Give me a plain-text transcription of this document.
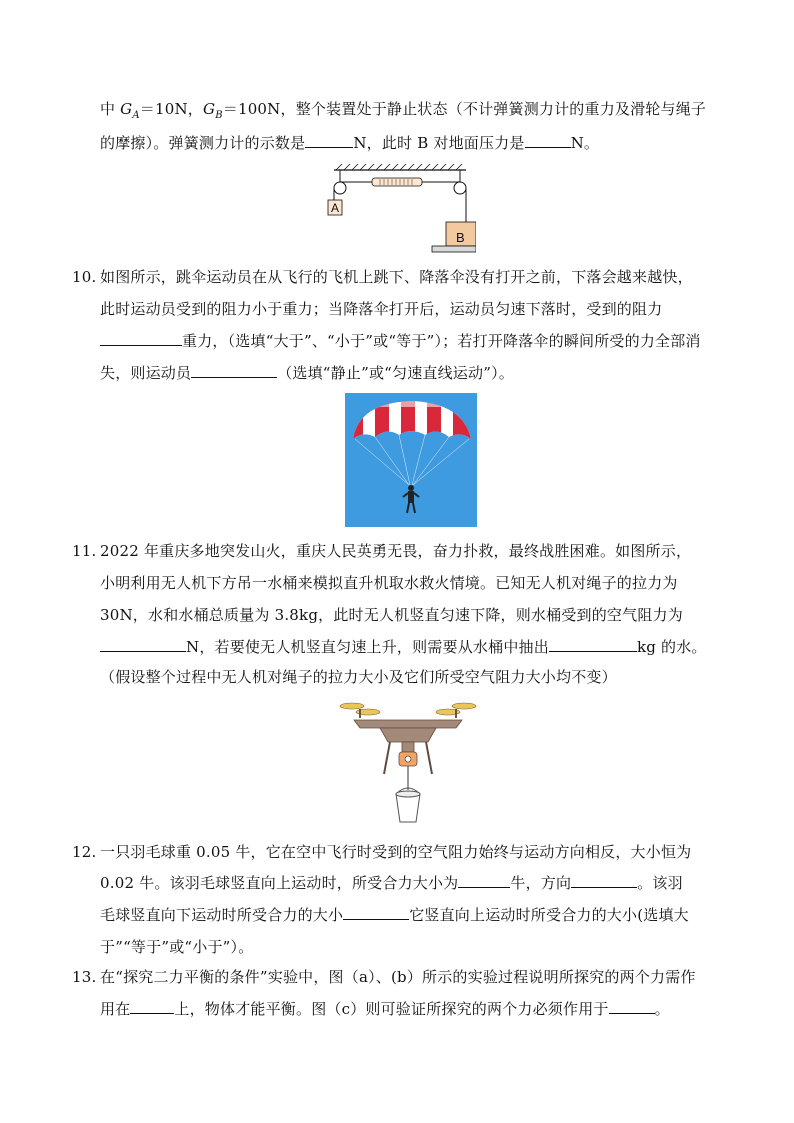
中 $G_A=10N$，$G_B=100N$，整个装置处于静止状态（不计弹簧测力计的重力及滑轮与绳子
的摩擦）。弹簧测力计的示数是	N，此时 B 对地面压力是	N。
A
B
10. 如图所示，跳伞运动员在从飞行的飞机上跳下、降落伞没有打开之前，下落会越来越快，
此时运动员受到的阻力小于重力；当降落伞打开后，运动员匀速下落时，受到的阻力
重力，（选填“大于”、“小于”或“等于”）；若打开降落伞的瞬间所受的力全部消
失，则运动员	（选填“静止”或“匀速直线运动”）。
11. 2022 年重庆多地突发山火，重庆人民英勇无畏，奋力扑救，最终战胜困难。如图所示，
小明利用无人机下方吊一水桶来模拟直升机取水救火情境。已知无人机对绳子的拉力为
30N，水和水桶总质量为 3.8kg，此时无人机竖直匀速下降，则水桶受到的空气阻力为
N，若要使无人机竖直匀速上升，则需要从水桶中抽出	kg 的水。
（假设整个过程中无人机对绳子的拉力大小及它们所受空气阻力大小均不变）
12. 一只羽毛球重 0.05 牛，它在空中飞行时受到的空气阻力始终与运动方向相反，大小恒为
0.02 牛。该羽毛球竖直向上运动时，所受合力大小为	牛，方向	。该羽
毛球竖直向下运动时所受合力的大小	它竖直向上运动时所受合力的大小(选填大
于”“等于”或“小于”）。
13. 在“探究二力平衡的条件”实验中，图（a）、(b）所示的实验过程说明所探究的两个力需作
用在	上，物体才能平衡。图（c）则可验证所探究的两个力必须作用于	。
